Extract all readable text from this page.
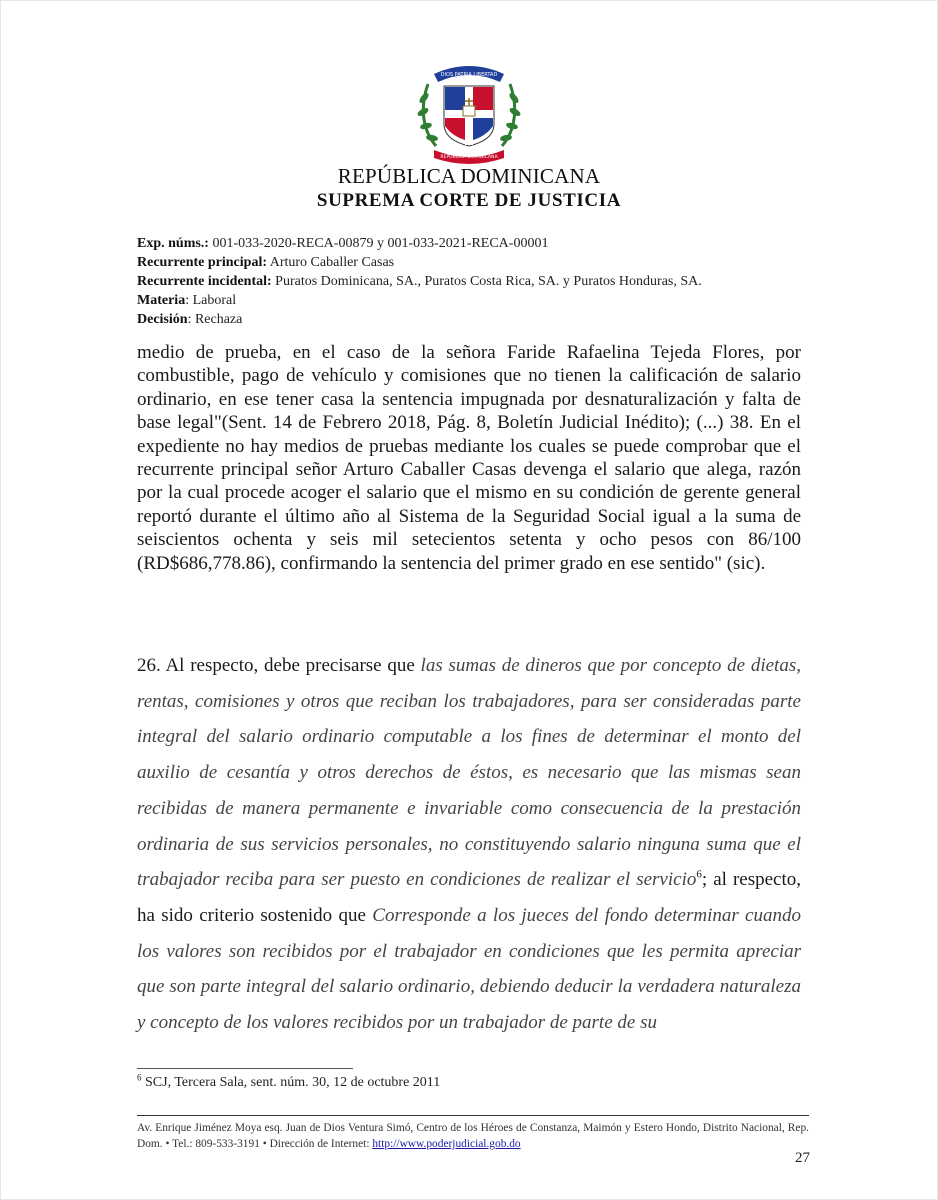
DIOS PATRIA LIBERTAD
REPÚBLICA DOMINICANA
REPÚBLICA DOMINICANA
SUPREMA CORTE DE JUSTICIA
Exp. núms.: 001-033-2020-RECA-00879 y 001-033-2021-RECA-00001
Recurrente principal: Arturo Caballer Casas
Recurrente incidental: Puratos Dominicana, SA., Puratos Costa Rica, SA. y Puratos Honduras, SA.
Materia: Laboral
Decisión: Rechaza
medio de prueba, en el caso de la señora Faride Rafaelina Tejeda Flores, por combustible, pago de vehículo y comisiones que no tienen la calificación de salario ordinario, en ese tener casa la sentencia impugnada por desnaturalización y falta de base legal"(Sent. 14 de Febrero 2018, Pág. 8, Boletín Judicial Inédito); (...) 38. En el expediente no hay medios de pruebas mediante los cuales se puede comprobar que el recurrente principal señor Arturo Caballer Casas devenga el salario que alega, razón por la cual procede acoger el salario que el mismo en su condición de gerente general reportó durante el último año al Sistema de la Seguridad Social igual a la suma de seiscientos ochenta y seis mil setecientos setenta y ocho pesos con 86/100 (RD$686,778.86), confirmando la sentencia del primer grado en ese sentido" (sic).
26. Al respecto, debe precisarse que las sumas de dineros que por concepto de dietas, rentas, comisiones y otros que reciban los trabajadores, para ser consideradas parte integral del salario ordinario computable a los fines de determinar el monto del auxilio de cesantía y otros derechos de éstos, es necesario que las mismas sean recibidas de manera permanente e invariable como consecuencia de la prestación ordinaria de sus servicios personales, no constituyendo salario ninguna suma que el trabajador reciba para ser puesto en condiciones de realizar el servicio$^6$; al respecto, ha sido criterio sostenido que Corresponde a los jueces del fondo determinar cuando los valores son recibidos por el trabajador en condiciones que les permita apreciar que son parte integral del salario ordinario, debiendo deducir la verdadera naturaleza y concepto de los valores recibidos por un trabajador de parte de su
$^6$ SCJ, Tercera Sala, sent. núm. 30, 12 de octubre 2011
Av. Enrique Jiménez Moya esq. Juan de Dios Ventura Simó, Centro de los Héroes de Constanza, Maimón y Estero Hondo, Distrito Nacional, Rep. Dom. • Tel.: 809-533-3191 • Dirección de Internet: http://www.poderjudicial.gob.do
27
